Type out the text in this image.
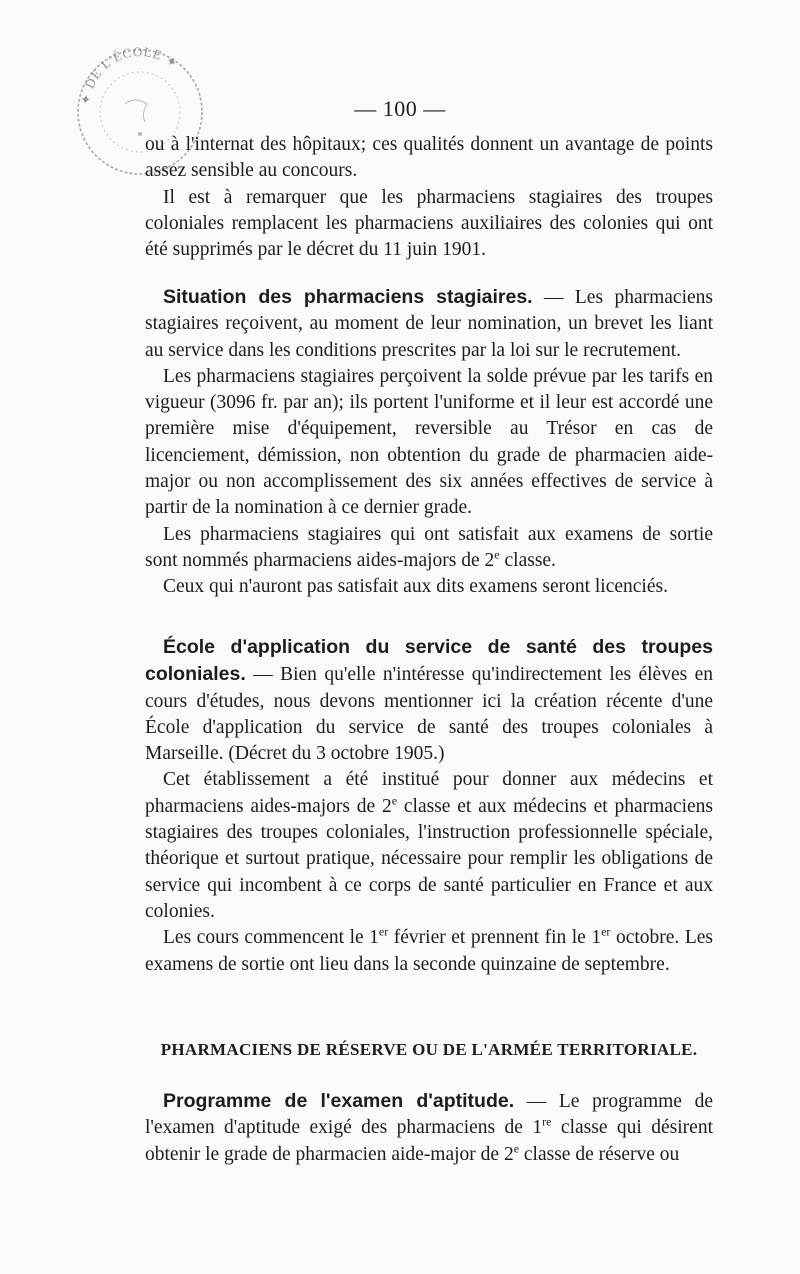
✦ DE L'ÉCOLE ✦
— 100 —

ou à l'internat des hôpitaux; ces qualités donnent un avantage de points assez sensible au concours.

Il est à remarquer que les pharmaciens stagiaires des troupes coloniales remplacent les pharmaciens auxiliaires des colonies qui ont été supprimés par le décret du 11 juin 1901.

Situation des pharmaciens stagiaires. — Les pharmaciens stagiaires reçoivent, au moment de leur nomination, un brevet les liant au service dans les conditions prescrites par la loi sur le recrutement.

Les pharmaciens stagiaires perçoivent la solde prévue par les tarifs en vigueur (3096 fr. par an); ils portent l'uniforme et il leur est accordé une première mise d'équipement, reversible au Trésor en cas de licenciement, démission, non obtention du grade de pharmacien aide-major ou non accomplissement des six années effectives de service à partir de la nomination à ce dernier grade.

Les pharmaciens stagiaires qui ont satisfait aux examens de sortie sont nommés pharmaciens aides-majors de 2e classe.

Ceux qui n'auront pas satisfait aux dits examens seront licenciés.

École d'application du service de santé des troupes coloniales. — Bien qu'elle n'intéresse qu'indirectement les élèves en cours d'études, nous devons mentionner ici la création récente d'une École d'application du service de santé des troupes coloniales à Marseille. (Décret du 3 octobre 1905.)

Cet établissement a été institué pour donner aux médecins et pharmaciens aides-majors de 2e classe et aux médecins et pharmaciens stagiaires des troupes coloniales, l'instruction professionnelle spéciale, théorique et surtout pratique, nécessaire pour remplir les obligations de service qui incombent à ce corps de santé particulier en France et aux colonies.

Les cours commencent le 1er février et prennent fin le 1er octobre. Les examens de sortie ont lieu dans la seconde quinzaine de septembre.

PHARMACIENS DE RÉSERVE OU DE L'ARMÉE TERRITORIALE.

Programme de l'examen d'aptitude. — Le programme de l'examen d'aptitude exigé des pharmaciens de 1re classe qui désirent obtenir le grade de pharmacien aide-major de 2e classe de réserve ou
